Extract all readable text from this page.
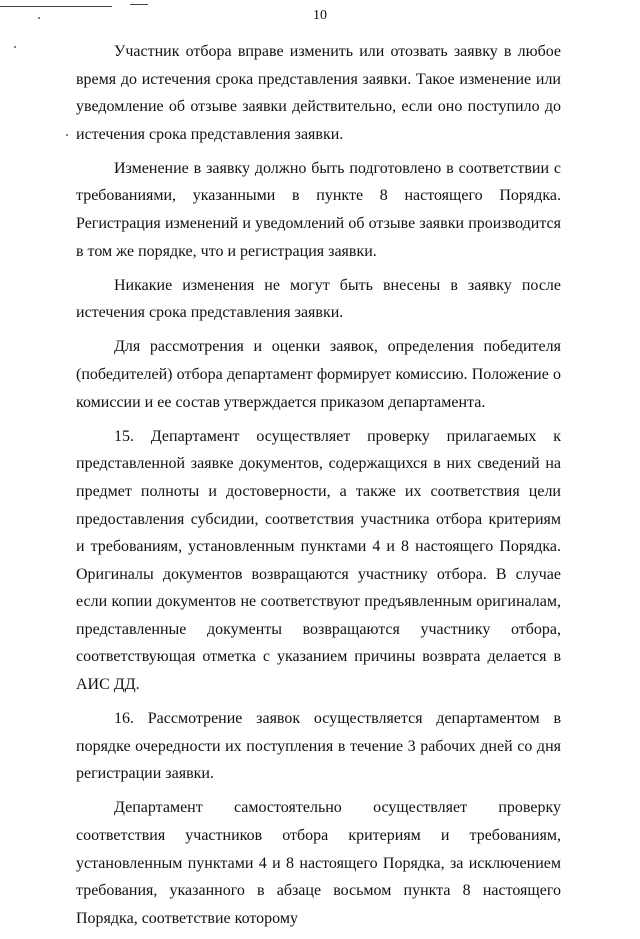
10

Участник отбора вправе изменить или отозвать заявку в любое время до истечения срока представления заявки. Такое изменение или уведомление об отзыве заявки действительно, если оно поступило до истечения срока представления заявки.

Изменение в заявку должно быть подготовлено в соответствии с требованиями, указанными в пункте 8 настоящего Порядка. Регистрация изменений и уведомлений об отзыве заявки производится в том же порядке, что и регистрация заявки.

Никакие изменения не могут быть внесены в заявку после истечения срока представления заявки.

Для рассмотрения и оценки заявок, определения победителя (победителей) отбора департамент формирует комиссию. Положение о комиссии и ее состав утверждается приказом департамента.

15. Департамент осуществляет проверку прилагаемых к представленной заявке документов, содержащихся в них сведений на предмет полноты и достоверности, а также их соответствия цели предоставления субсидии, соответствия участника отбора критериям и требованиям, установленным пунктами 4 и 8 настоящего Порядка. Оригиналы документов возвращаются участнику отбора. В случае если копии документов не соответствуют предъявленным оригиналам, представленные документы возвращаются участнику отбора, соответствующая отметка с указанием причины возврата делается в АИС ДД.

16. Рассмотрение заявок осуществляется департаментом в порядке очередности их поступления в течение 3 рабочих дней со дня регистрации заявки.

Департамент самостоятельно осуществляет проверку соответствия участников отбора критериям и требованиям, установленным пунктами 4 и 8 настоящего Порядка, за исключением требования, указанного в абзаце восьмом пункта 8 настоящего Порядка, соответствие которому
